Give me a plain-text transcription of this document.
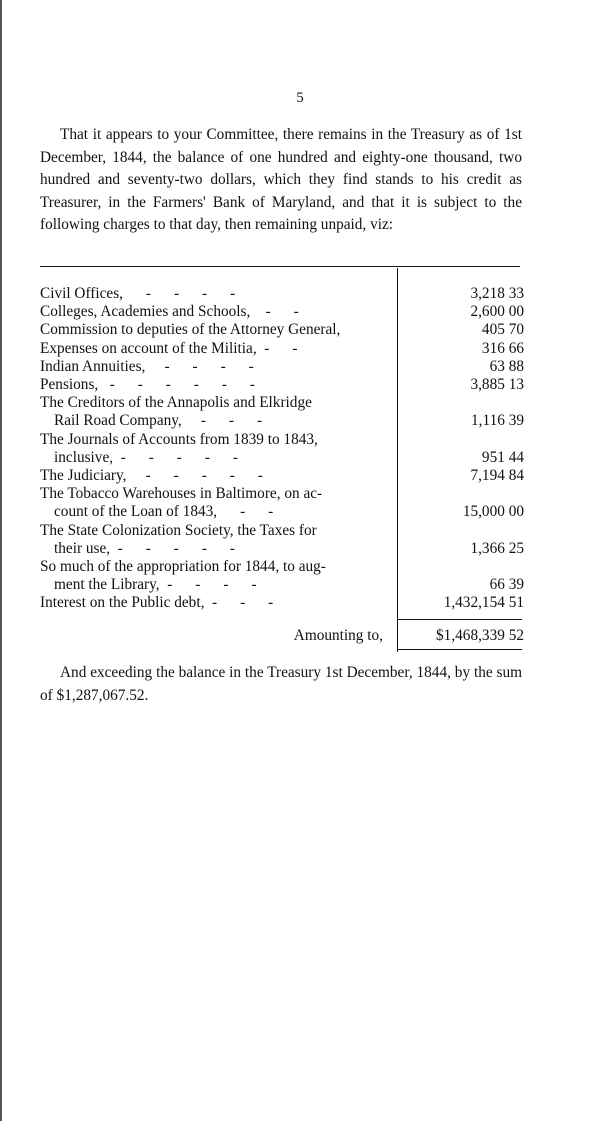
5

That it appears to your Committee, there remains in the Treasury as of 1st December, 1844, the balance of one hundred and eighty-one thousand, two hundred and seventy-two dollars, which they find stands to his credit as Treasurer, in the Farmers' Bank of Maryland, and that it is subject to the following charges to that day, then remaining unpaid, viz:

Civil Offices,      -      -      -      -	3,218 33
Colleges, Academies and Schools,    -      -	2,600 00
Commission to deputies of the Attorney General,	405 70
Expenses on account of the Militia,  -      -	316 66
Indian Annuities,     -      -      -      -	63 88
Pensions,   -      -      -      -      -      -	3,885 13
The Creditors of the Annapolis and Elkridge
Rail Road Company,     -      -      -	1,116 39
The Journals of Accounts from 1839 to 1843,
inclusive,  -      -      -      -      -	951 44
The Judiciary,     -      -      -      -      -	7,194 84
The Tobacco Warehouses in Baltimore, on ac-
count of the Loan of 1843,      -      -	15,000 00
The State Colonization Society, the Taxes for
their use,  -      -      -      -      -	1,366 25
So much of the appropriation for 1844, to aug-
ment the Library,  -      -      -      -	66 39
Interest on the Public debt,  -      -      -	1,432,154 51
Amounting to,	$1,468,339 52

And exceeding the balance in the Treasury 1st December, 1844, by the sum of $1,287,067.52.
